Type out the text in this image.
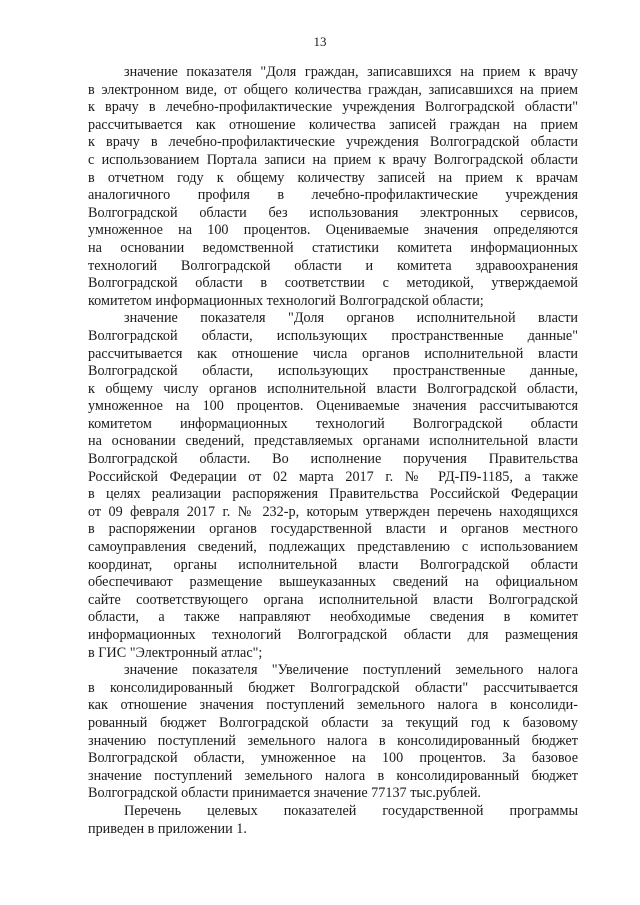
13
значение показателя "Доля граждан, записавшихся на прием к врачу
в электронном виде, от общего количества граждан, записавшихся на прием
к врачу в лечебно-профилактические учреждения Волгоградской области"
рассчитывается как отношение количества записей граждан на прием
к врачу в лечебно-профилактические учреждения Волгоградской области
с использованием Портала записи на прием к врачу Волгоградской области
в отчетном году к общему количеству записей на прием к врачам
аналогичного профиля в лечебно-профилактические учреждения
Волгоградской области без использования электронных сервисов,
умноженное на 100 процентов. Оцениваемые значения определяются
на основании ведомственной статистики комитета информационных
технологий Волгоградской области и комитета здравоохранения
Волгоградской области в соответствии с методикой, утверждаемой
комитетом информационных технологий Волгоградской области;
значение показателя "Доля органов исполнительной власти
Волгоградской области, использующих пространственные данные"
рассчитывается как отношение числа органов исполнительной власти
Волгоградской области, использующих пространственные данные,
к общему числу органов исполнительной власти Волгоградской области,
умноженное на 100 процентов. Оцениваемые значения рассчитываются
комитетом информационных технологий Волгоградской области
на основании сведений, представляемых органами исполнительной власти
Волгоградской области. Во исполнение поручения Правительства
Российской Федерации от 02 марта 2017 г. № РД-П9-1185, а также
в целях реализации распоряжения Правительства Российской Федерации
от 09 февраля 2017 г. № 232-р, которым утвержден перечень находящихся
в распоряжении органов государственной власти и органов местного
самоуправления сведений, подлежащих представлению с использованием
координат, органы исполнительной власти Волгоградской области
обеспечивают размещение вышеуказанных сведений на официальном
сайте соответствующего органа исполнительной власти Волгоградской
области, а также направляют необходимые сведения в комитет
информационных технологий Волгоградской области для размещения
в ГИС "Электронный атлас";
значение показателя "Увеличение поступлений земельного налога
в консолидированный бюджет Волгоградской области" рассчитывается
как отношение значения поступлений земельного налога в консолиди-
рованный бюджет Волгоградской области за текущий год к базовому
значению поступлений земельного налога в консолидированный бюджет
Волгоградской области, умноженное на 100 процентов. За базовое
значение поступлений земельного налога в консолидированный бюджет
Волгоградской области принимается значение 77137 тыс.рублей.
Перечень целевых показателей государственной программы
приведен в приложении 1.
